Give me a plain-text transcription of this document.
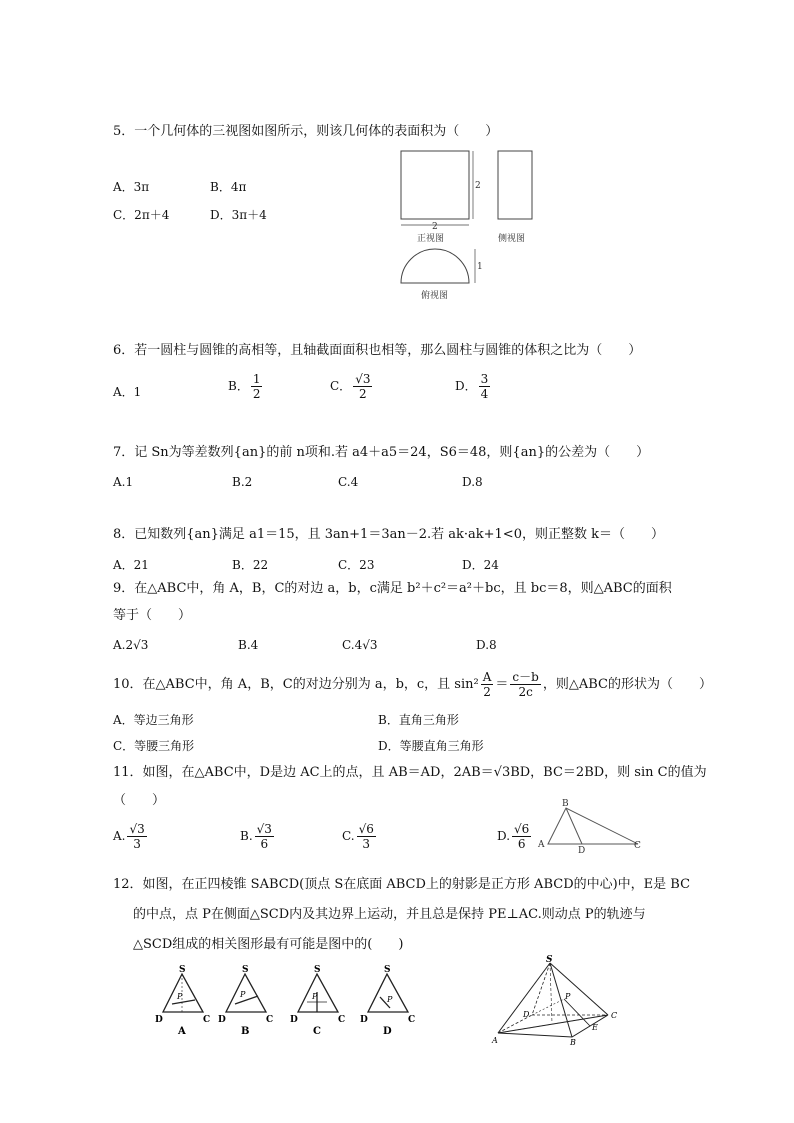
5．一个几何体的三视图如图所示，则该几何体的表面积为（　　）
A．3π	B．4π
C．2π＋4	D．3π＋4
2
2
正视图	侧视图
1
俯视图
6．若一圆柱与圆锥的高相等，且轴截面面积也相等，那么圆柱与圆锥的体积之比为（　　）
A．1	B． $\frac{1}{2}$	C． $\frac{√3}{2}$	D． $\frac{3}{4}$
7．记 Sn为等差数列{an}的前 n项和.若 a4＋a5＝24，S6＝48，则{an}的公差为（　　）
A.1	B.2	C.4	D.8
8．已知数列{an}满足 a1＝15，且 3an+1＝3an－2.若 ak·ak+1<0，则正整数 k＝（　　）
A．21	B．22	C．23	D．24
9．在△ABC中，角 A，B，C的对边 a，b，c满足 b²＋c²＝a²＋bc，且 bc＝8，则△ABC的面积
等于（　　）
A.2√3	B.4	C.4√3	D.8
10．在△ABC中，角 A，B，C的对边分别为 a，b，c，且 $\sin^2 \frac{A}{2} = \frac{c-b}{2c}$ ，则△ABC的形状为（　　）
A．等边三角形	B．直角三角形
C．等腰三角形	D．等腰直角三角形
11．如图，在△ABC中，D是边 AC上的点，且 AB＝AD，2AB＝√3BD，BC＝2BD，则 sin C的值为
（　　）
A. $\frac{√3}{3}$	B. $\frac{√3}{6}$	C. $\frac{√6}{3}$	D. $\frac{√6}{6}$
B
A
D	C
12．如图，在正四棱锥 SABCD(顶点 S在底面 ABCD上的射影是正方形 ABCD的中心)中，E是 BC
的中点，点 P在侧面△SCD内及其边界上运动，并且总是保持 PE⊥AC.则动点 P的轨迹与
△SCD组成的相关图形最有可能是图中的(　　)
S
P
D	C
A
S
P
D	C
B
S
P
D	C
C
S
P
D	C
D
S
P
D	C
E
B
A
